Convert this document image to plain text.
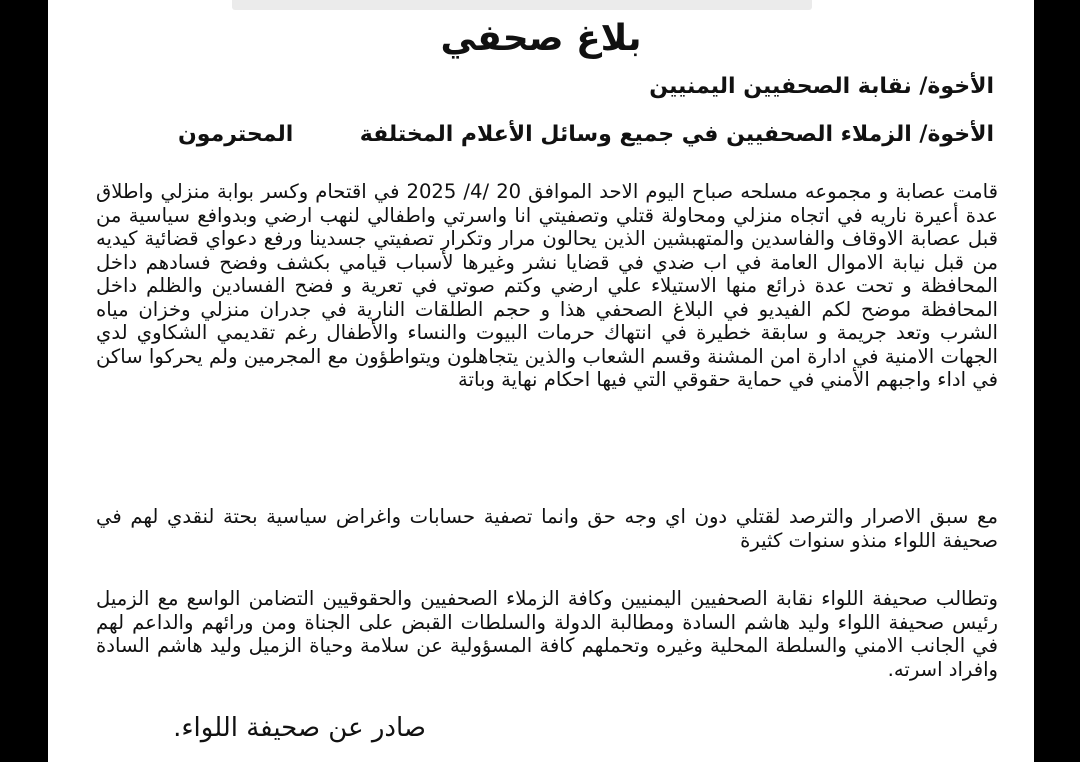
بلاغ صحفي

الأخوة/ نقابة الصحفيين اليمنيين

الأخوة/ الزملاء الصحفيين في جميع وسائل الأعلام المختلفة
المحترمون

قامت عصابة و مجموعه مسلحه صباح اليوم الاحد الموافق 20 /4/ 2025 في اقتحام وكسر بوابة منزلي واطلاق عدة أعيرة ناريه في اتجاه منزلي ومحاولة قتلي وتصفيتي انا واسرتي واطفالي لنهب ارضي وبدوافع سياسية من قبل عصابة الاوقاف والفاسدين والمتهبشين الذين يحالون مرار وتكرار تصفيتي جسدينا ورفع دعواي قضائية كيديه من قبل نيابة الاموال العامة في اب ضدي في قضايا نشر وغيرها لأسباب قيامي بكشف وفضح فسادهم داخل المحافظة و تحت عدة ذرائع منها الاستيلاء علي ارضي وكتم صوتي في تعرية و فضح الفسادين والظلم داخل المحافظة موضح لكم الفيديو في البلاغ الصحفي هذا و حجم الطلقات النارية في جدران منزلي وخزان مياه الشرب وتعد جريمة و سابقة خطيرة في انتهاك حرمات البيوت والنساء والأطفال رغم تقديمي الشكاوي لدي الجهات الامنية في ادارة امن المشنة وقسم الشعاب والذين يتجاهلون ويتواطؤون مع المجرمين ولم يحركوا ساكن في اداء واجبهم الأمني في حماية حقوقي التي فيها احكام نهاية وباتة

مع سبق الاصرار والترصد لقتلي دون اي وجه حق وانما تصفية حسابات واغراض سياسية بحتة لنقدي لهم في صحيفة اللواء منذو سنوات كثيرة

وتطالب صحيفة اللواء نقابة الصحفيين اليمنيين وكافة الزملاء الصحفيين والحقوقيين التضامن الواسع مع الزميل رئيس صحيفة اللواء وليد هاشم السادة ومطالبة الدولة والسلطات القبض على الجناة ومن ورائهم والداعم لهم في الجانب الامني والسلطة المحلية وغيره وتحملهم كافة المسؤولية عن سلامة وحياة الزميل وليد هاشم السادة وافراد اسرته.

صادر عن صحيفة اللواء.
